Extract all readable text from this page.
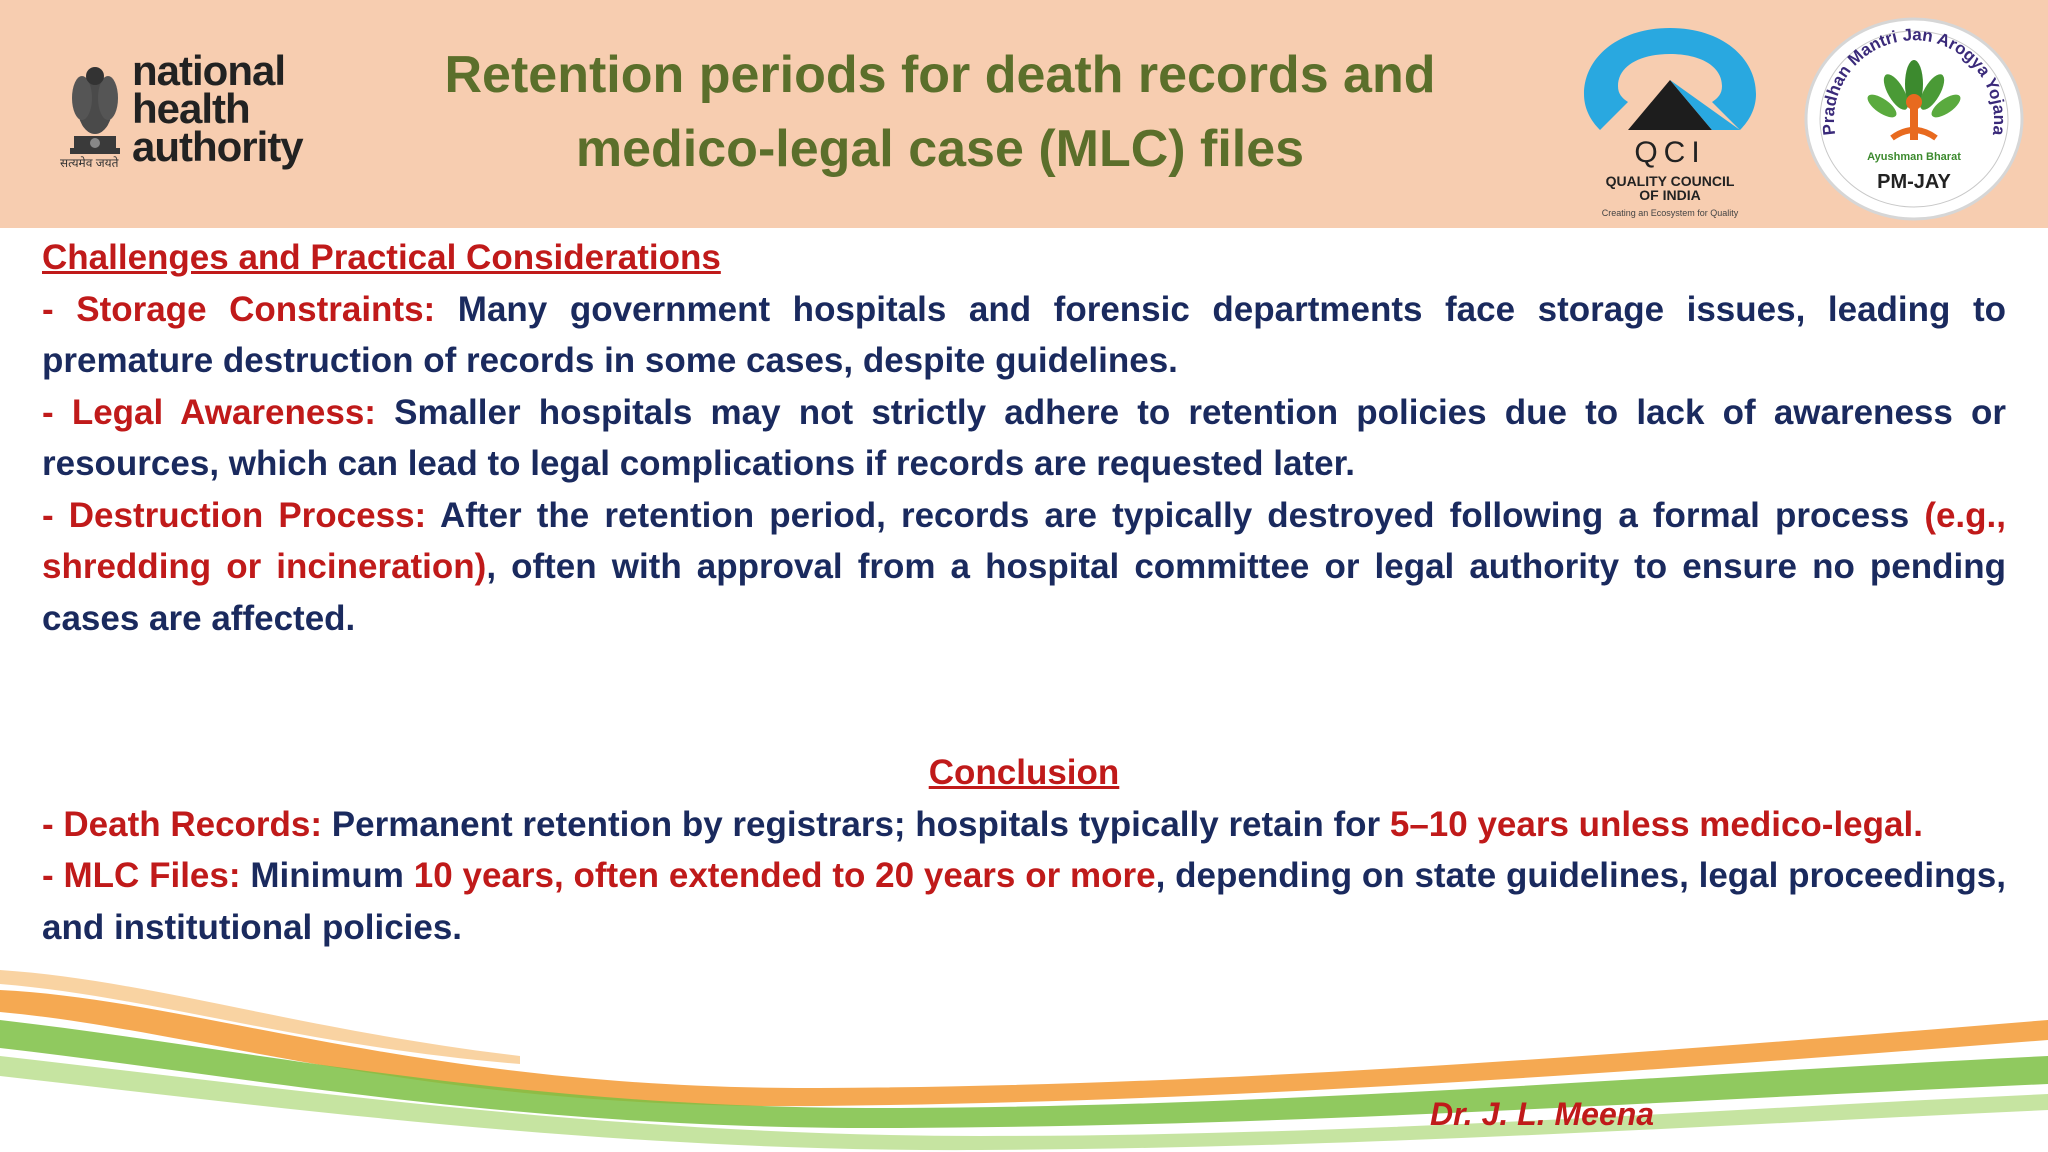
सत्यमेव जयते
national
health
authority
Retention periods for death records and
medico-legal case (MLC) files	QCI
QUALITY COUNCIL
OF INDIA
Creating an Ecosystem for Quality
Pradhan Mantri Jan Arogya Yojana
Ayushman Bharat
PM-JAY

Challenges and Practical Considerations

- Storage Constraints: Many government hospitals and forensic departments face storage issues, leading to premature destruction of records in some cases, despite guidelines.

- Legal Awareness: Smaller hospitals may not strictly adhere to retention policies due to lack of awareness or resources, which can lead to legal complications if records are requested later.

- Destruction Process: After the retention period, records are typically destroyed following a formal process (e.g., shredding or incineration), often with approval from a hospital committee or legal authority to ensure no pending cases are affected.

Conclusion

- Death Records: Permanent retention by registrars; hospitals typically retain for 5–10 years unless medico-legal.

- MLC Files: Minimum 10 years, often extended to 20 years or more, depending on state guidelines, legal proceedings, and institutional policies.

Dr. J. L. Meena
